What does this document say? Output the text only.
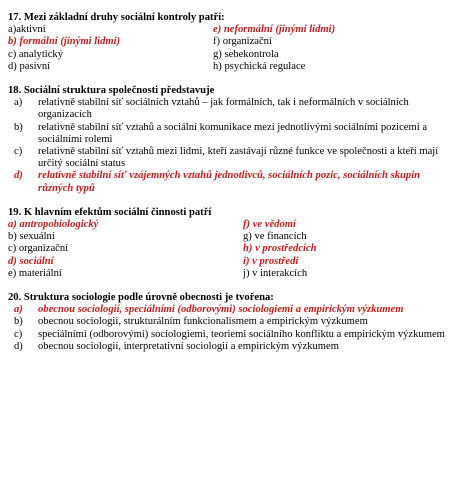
17. Mezi základní druhy sociální kontroly patří:

a)aktivní	e) neformální (jinými lidmi)
b) formální (jinými lidmi)	f) organizační
c) analytický	g) sebekontrola
d) pasivní	h) psychická regulace

18. Sociální struktura společnosti představuje

a)	relativně stabilní síť sociálních vztahů – jak formálních, tak i neformálních v sociálních organizacích
b)	relativně stabilní síť vztahů a sociální komunikace mezi jednotlivými sociálními pozicemi a sociálními rolemi
c)	relativně stabilní síť vztahů mezi lidmi, kteří zastávají různé funkce ve společnosti a kteří mají určitý sociální status
d)	relativně stabilní síť vzájemných vztahů jednotlivců, sociálních pozic, sociálních skupin různých typů

19. K hlavním efektům sociální činnosti patří

a) antropobiologický	f) ve vědomí
b) sexuální	g) ve financích
c) organizační	h) v prostředcích
d) sociální	i) v prostředí
e) materiální	j) v interakcích

20. Struktura sociologie podle úrovně obecnosti je tvořena:

a)	obecnou sociologií, speciálními (odborovými) sociologiemi a empirickým výzkumem
b)	obecnou sociologií, strukturálním funkcionalismem a empirickým výzkumem
c)	speciálními (odborovými) sociologiemi, teoriemi sociálního konfliktu a empirickým výzkumem
d)	obecnou sociologií, interpretativní sociologií a empirickým výzkumem
